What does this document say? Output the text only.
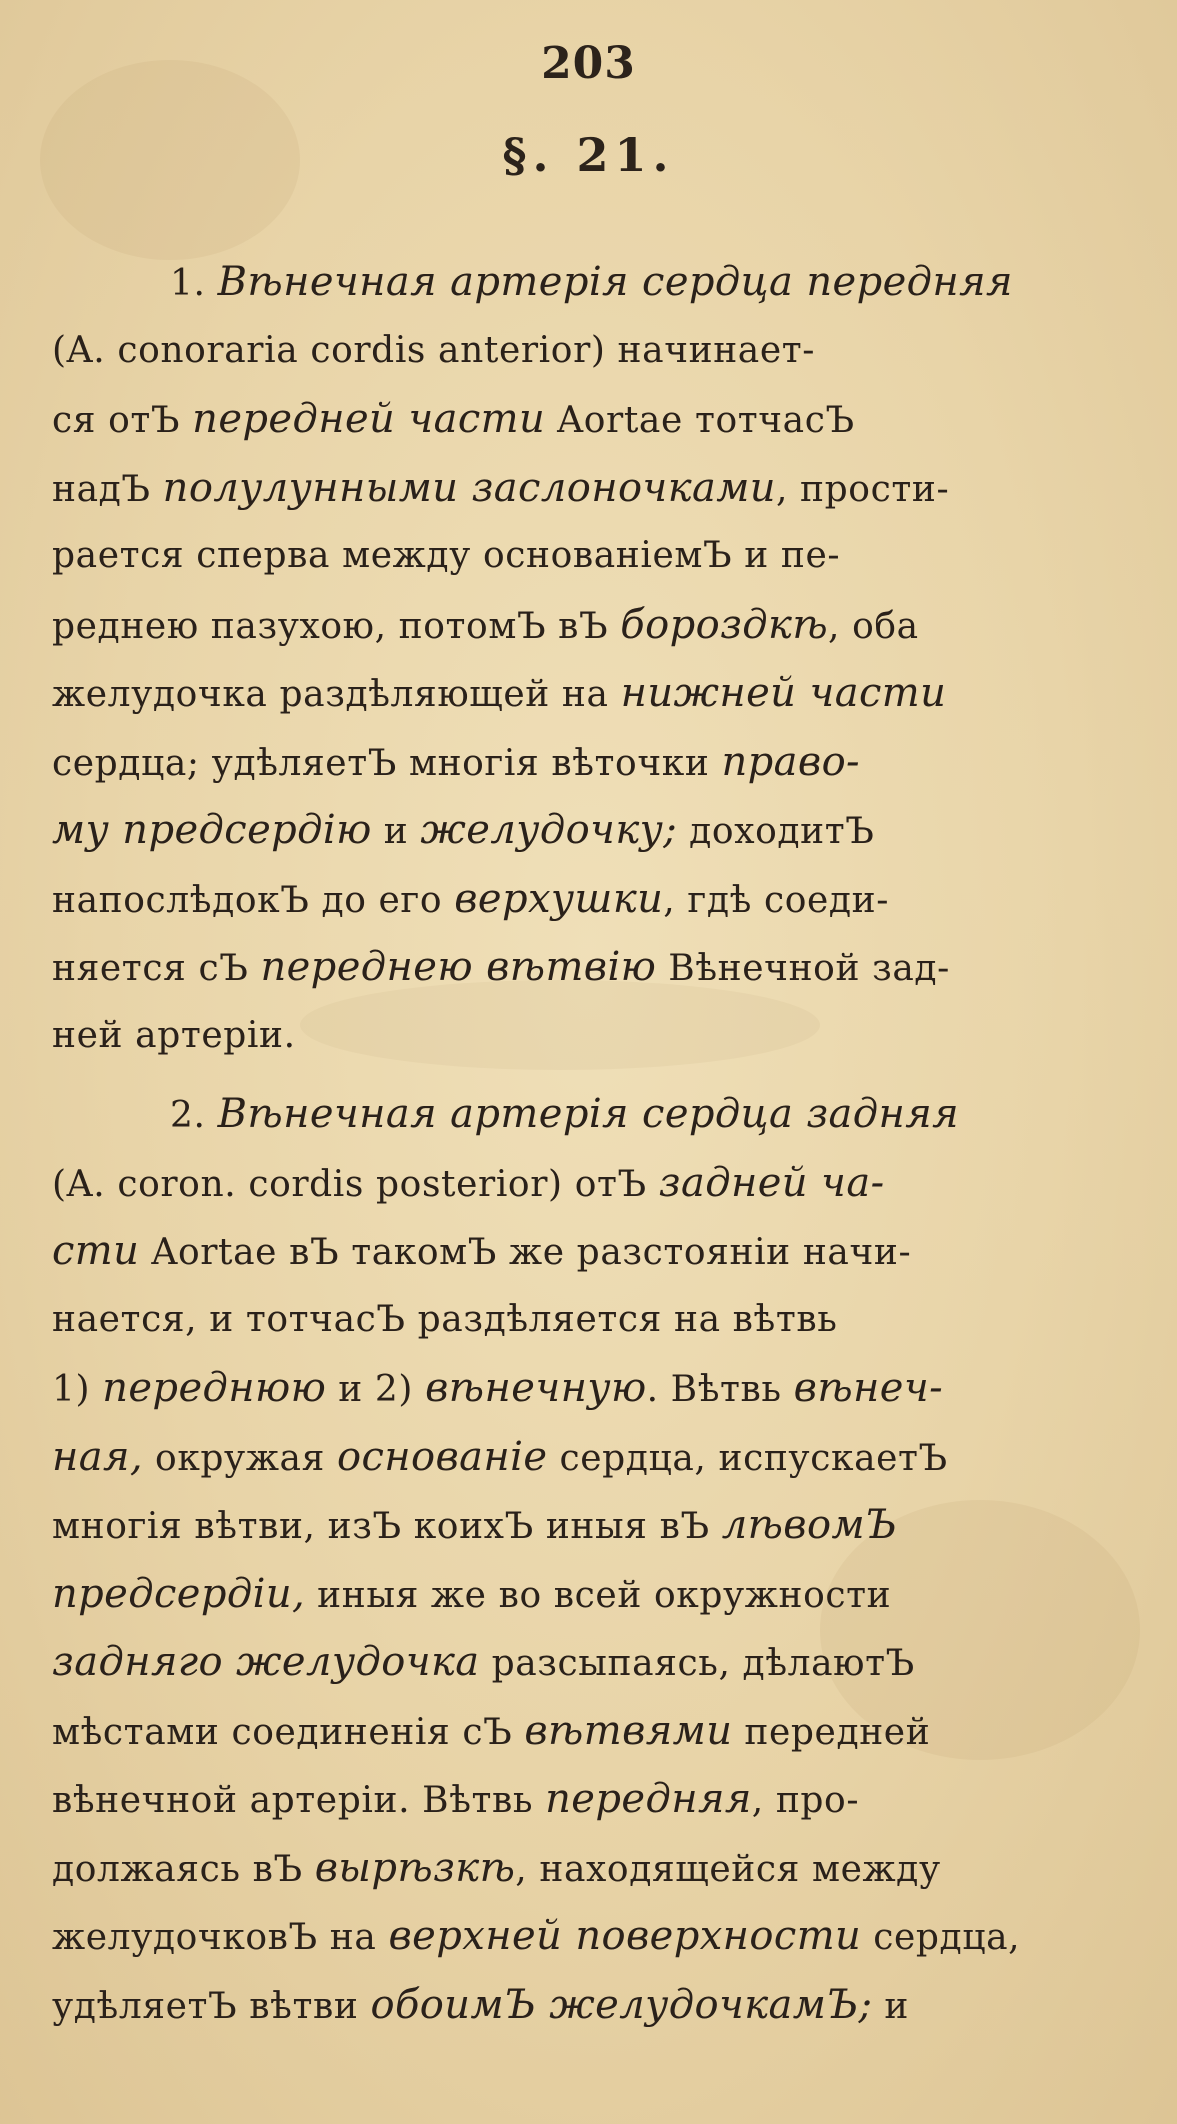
203
§. 21.
1. Вѣнечная артерія сердца передняя
(A. conoraria cordis anterior) начинает-
ся отЪ передней части Aortae тотчасЪ
надЪ полулунными заслоночками, прости-
рается сперва между основаніемЪ и пе-
реднею пазухою, потомЪ вЪ бороздкѣ, оба
желудочка раздѣляющей на нижней части
сердца; удѣляетЪ многія вѣточки право-
му предсердію и желудочку; доходитЪ
напослѣдокЪ до его верхушки, гдѣ соеди-
няется сЪ переднею вѣтвію Вѣнечной зад-
ней артеріи.
2. Вѣнечная артерія сердца задняя
(A. coron. cordis posterior) отЪ задней ча-
сти Aortae вЪ такомЪ же разстояніи начи-
нается, и тотчасЪ раздѣляется на вѣтвь
1) переднюю и 2) вѣнечную. Вѣтвь вѣнеч-
ная, окружая основаніе сердца, испускаетЪ
многія вѣтви, изЪ коихЪ иныя вЪ лѣвомЪ
предсердіи, иныя же во всей окружности
задняго желудочка разсыпаясь, дѣлаютЪ
мѣстами соединенія сЪ вѣтвями передней
вѣнечной артеріи. Вѣтвь передняя, про-
должаясь вЪ вырѣзкѣ, находящейся между
желудочковЪ на верхней поверхности сердца,
удѣляетЪ вѣтви обоимЪ желудочкамЪ; и
